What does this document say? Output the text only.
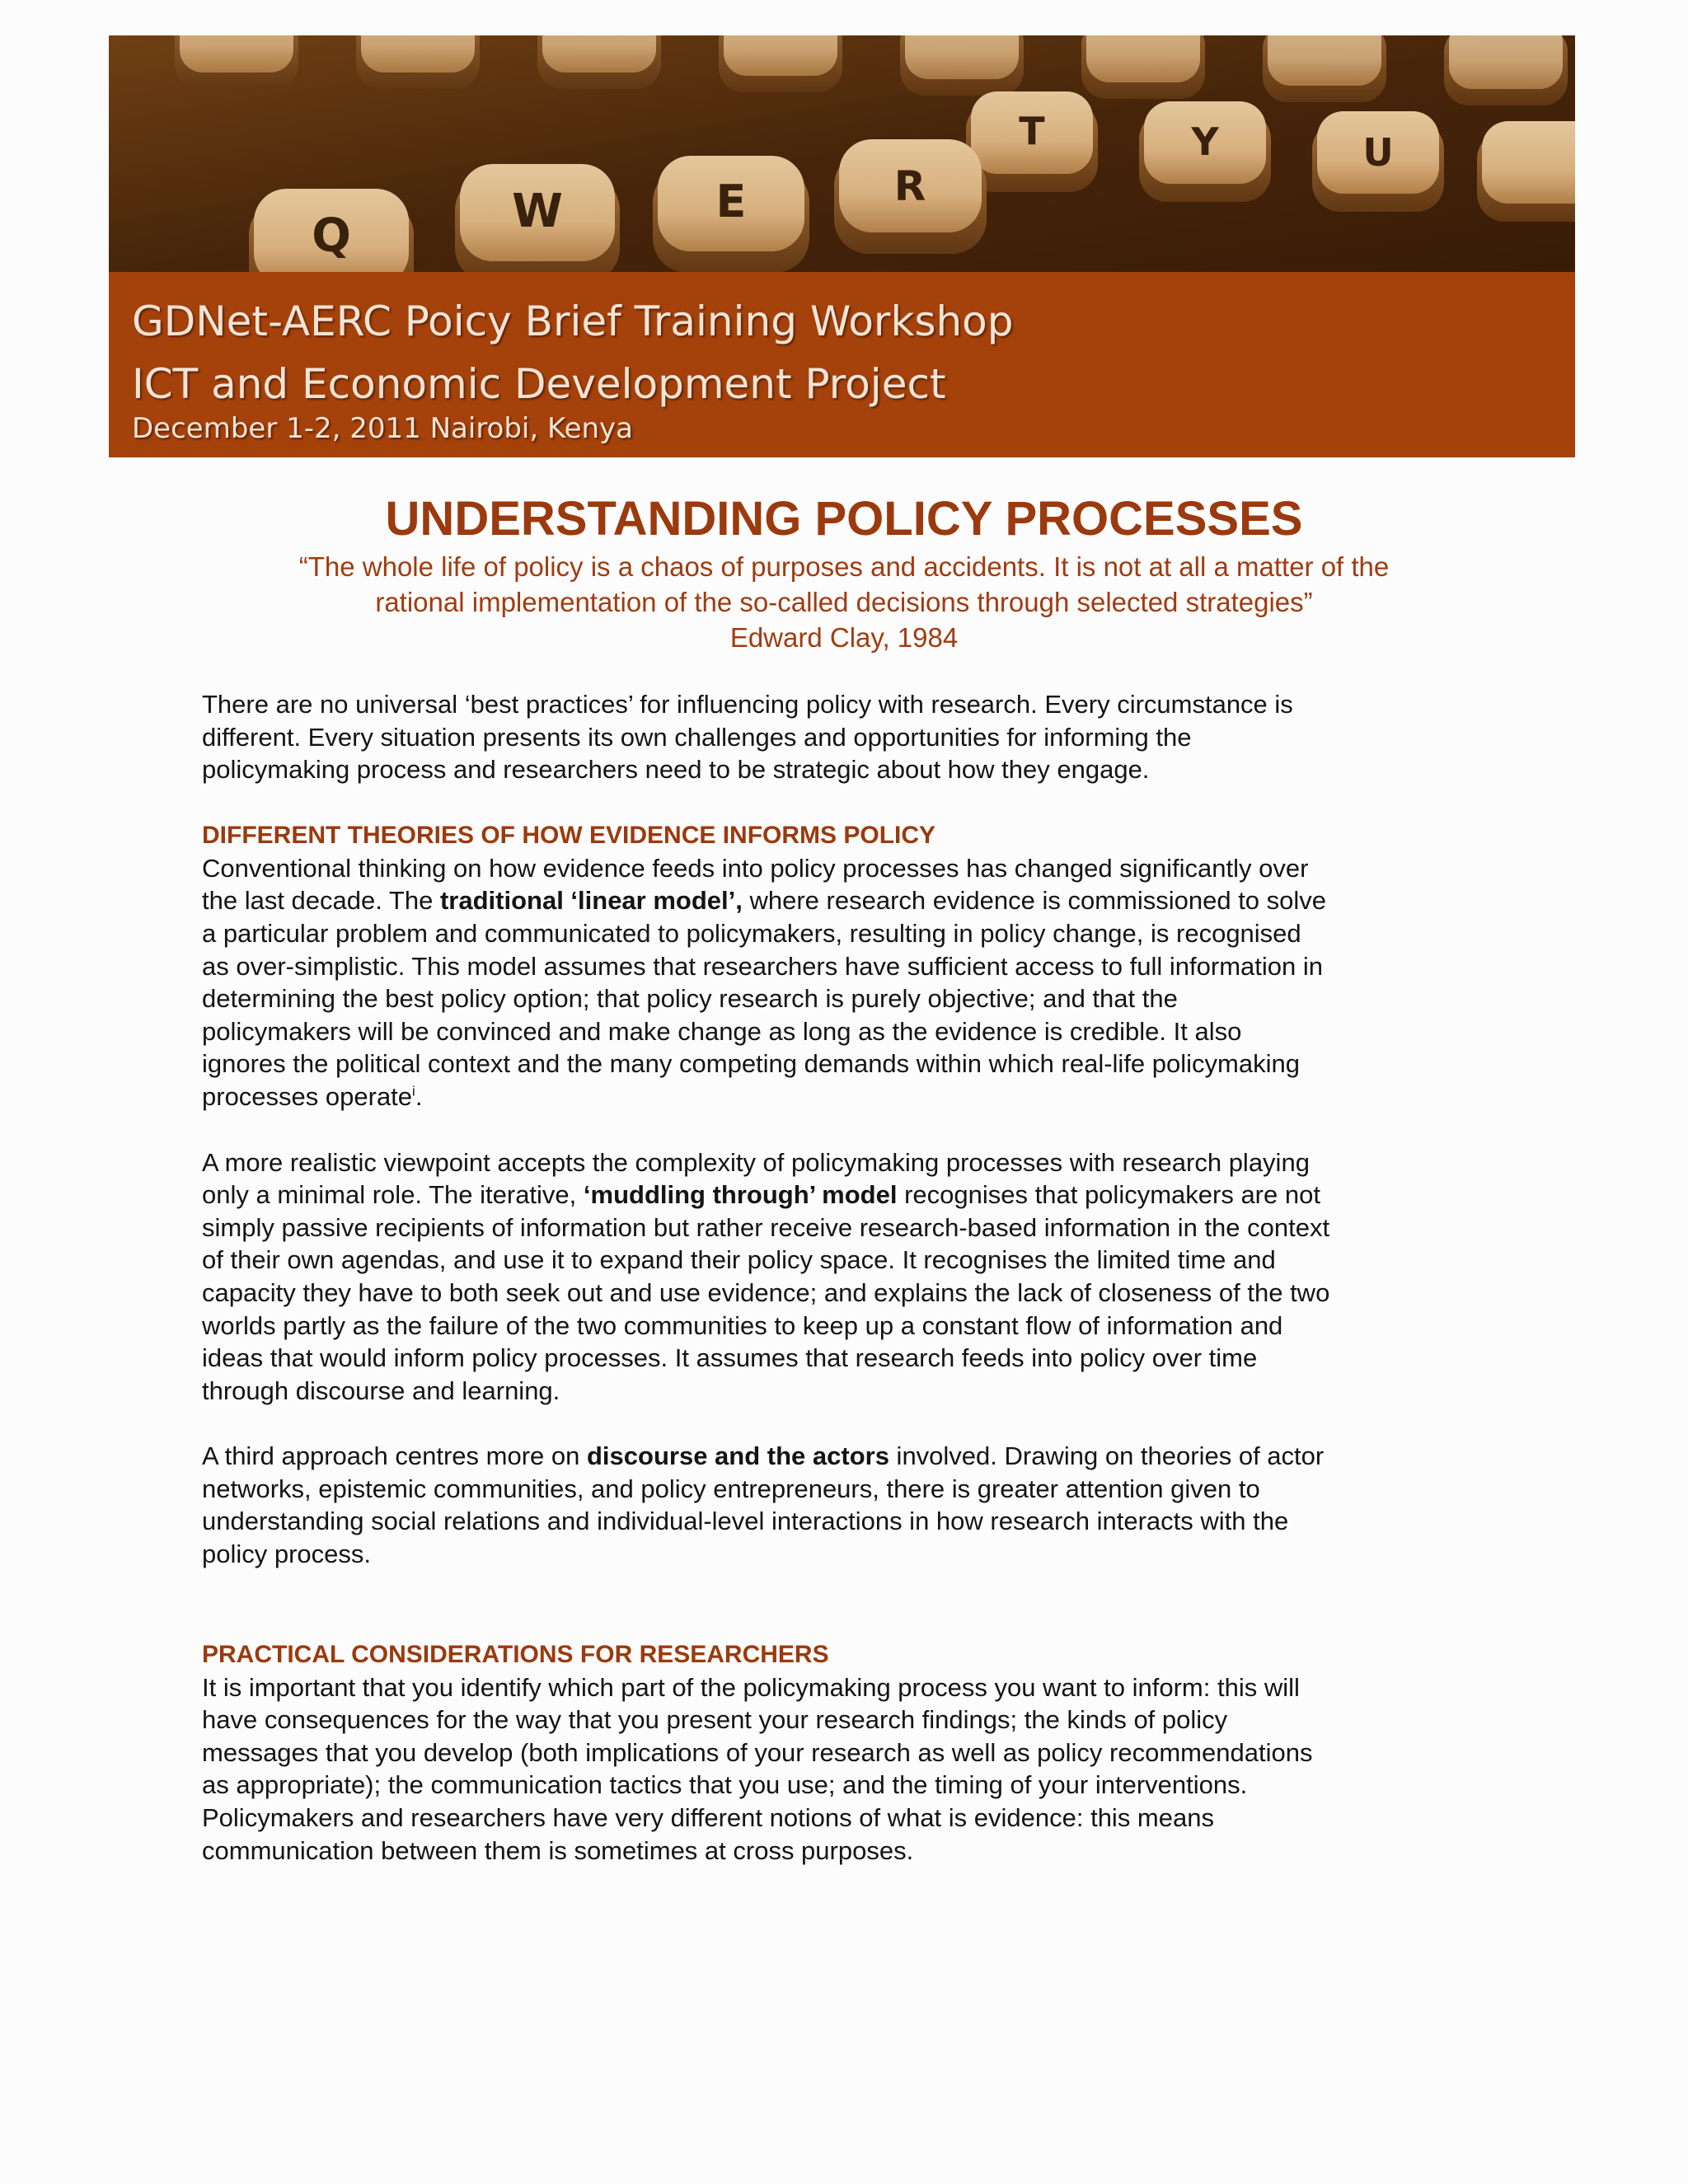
Q	W	E	R
T	Y	U
GDNet-AERC Poicy Brief Training Workshop
ICT and Economic Development Project

December 1-2, 2011 Nairobi, Kenya

UNDERSTANDING POLICY PROCESSES
“The whole life of policy is a chaos of purposes and accidents. It is not at all a matter of the
rational implementation of the so-called decisions through selected strategies”
Edward Clay, 1984

There are no universal ‘best practices’ for influencing policy with research. Every circumstance is
different. Every situation presents its own challenges and opportunities for informing the
policymaking process and researchers need to be strategic about how they engage.

DIFFERENT THEORIES OF HOW EVIDENCE INFORMS POLICY

Conventional thinking on how evidence feeds into policy processes has changed significantly over
the last decade. The traditional ‘linear model’, where research evidence is commissioned to solve
a particular problem and communicated to policymakers, resulting in policy change, is recognised
as over-simplistic. This model assumes that researchers have sufficient access to full information in
determining the best policy option; that policy research is purely objective; and that the
policymakers will be convinced and make change as long as the evidence is credible. It also
ignores the political context and the many competing demands within which real-life policymaking
processes operate$^i$.

A more realistic viewpoint accepts the complexity of policymaking processes with research playing
only a minimal role. The iterative, ‘muddling through’ model recognises that policymakers are not
simply passive recipients of information but rather receive research-based information in the context
of their own agendas, and use it to expand their policy space. It recognises the limited time and
capacity they have to both seek out and use evidence; and explains the lack of closeness of the two
worlds partly as the failure of the two communities to keep up a constant flow of information and
ideas that would inform policy processes. It assumes that research feeds into policy over time
through discourse and learning.

A third approach centres more on discourse and the actors involved. Drawing on theories of actor
networks, epistemic communities, and policy entrepreneurs, there is greater attention given to
understanding social relations and individual-level interactions in how research interacts with the
policy process.

PRACTICAL CONSIDERATIONS FOR RESEARCHERS

It is important that you identify which part of the policymaking process you want to inform: this will
have consequences for the way that you present your research findings; the kinds of policy
messages that you develop (both implications of your research as well as policy recommendations
as appropriate); the communication tactics that you use; and the timing of your interventions.
Policymakers and researchers have very different notions of what is evidence: this means
communication between them is sometimes at cross purposes.
